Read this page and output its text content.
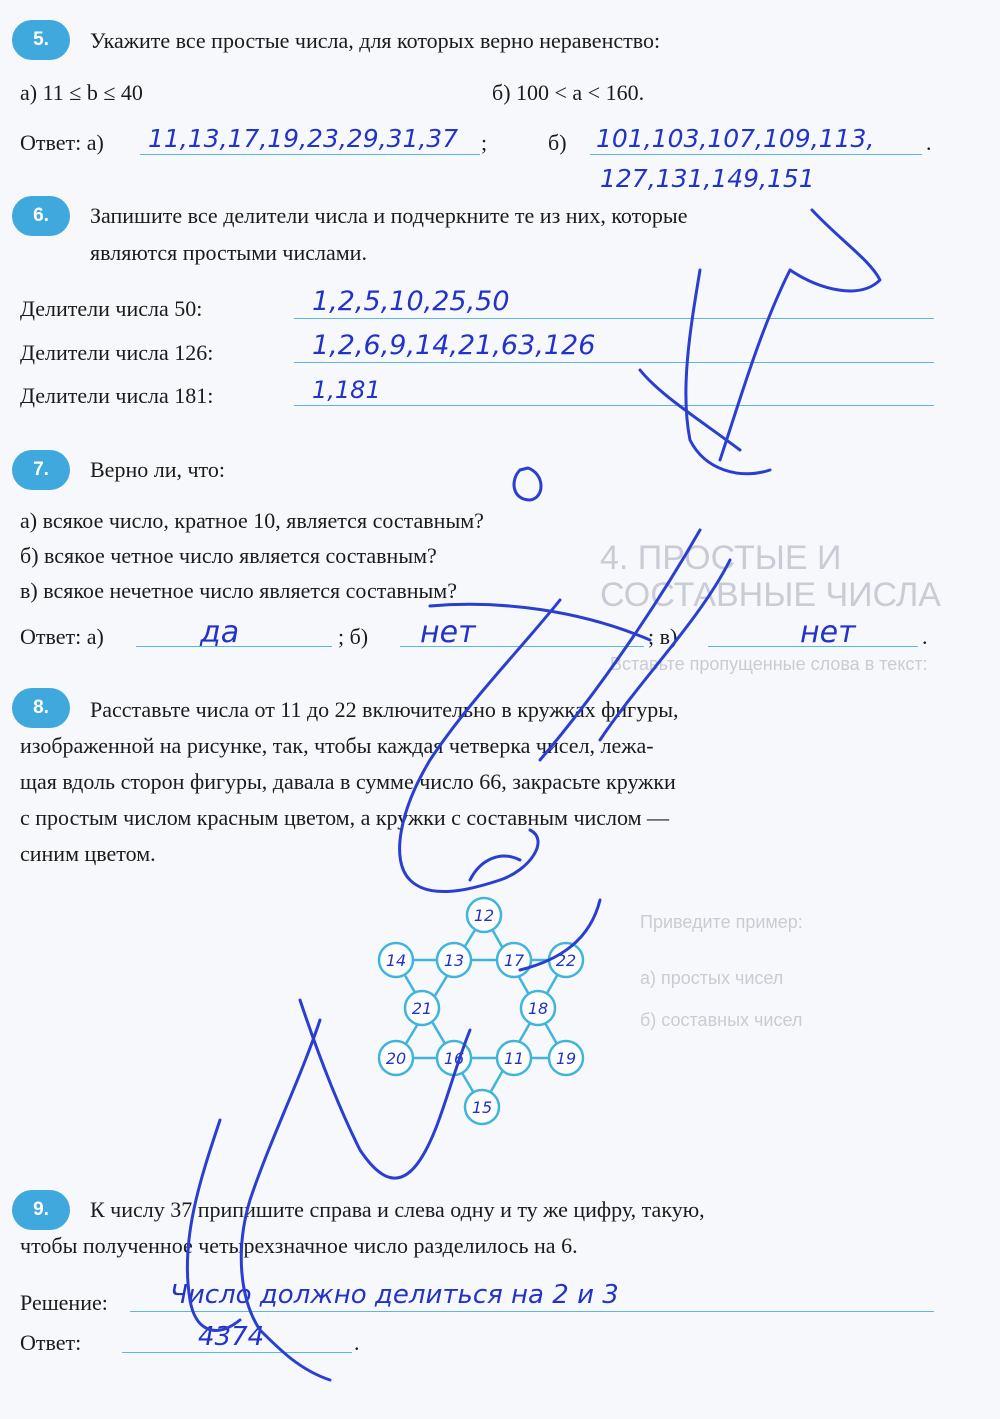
4. ПРОСТЫЕ И СОСТАВНЫЕ ЧИСЛА
Вставьте пропущенные слова в текст:
Приведите пример:
а) простых чисел
б) составных чисел
5. Укажите все простые числа, для которых верно неравенство:
а) 11 ≤ b ≤ 40	б) 100 < a < 160.
Ответ: а) 11,13,17,19,23,29,31,37 ;	б) 101,103,107,109,113, .
127,131,149,151
6. Запишите все делители числа и подчеркните те из них, которые
являются простыми числами.
Делители числа 50:	1,2,5,10,25,50
Делители числа 126:	1,2,6,9,14,21,63,126
Делители числа 181:	1,181
7. Верно ли, что:
а) всякое число, кратное 10, является составным?
б) всякое четное число является составным?
в) всякое нечетное число является составным?
Ответ: а)	да	; б) нет	; в)	нет	.
8. Расставьте числа от 11 до 22 включительно в кружках фигуры,
изображенной на рисунке, так, чтобы каждая четверка чисел, лежа-
щая вдоль сторон фигуры, давала в сумме число 66, закрасьте кружки
с простым числом красным цветом, а кружки с составным числом —
синим цветом.
12
14 13 17 22
21	18
20 16 11 19
15
9. К числу 37 припишите справа и слева одну и ту же цифру, такую,
чтобы полученное четырехзначное число разделилось на 6.
Решение: Число должно делиться на 2 и 3
Ответ:	4374	.
